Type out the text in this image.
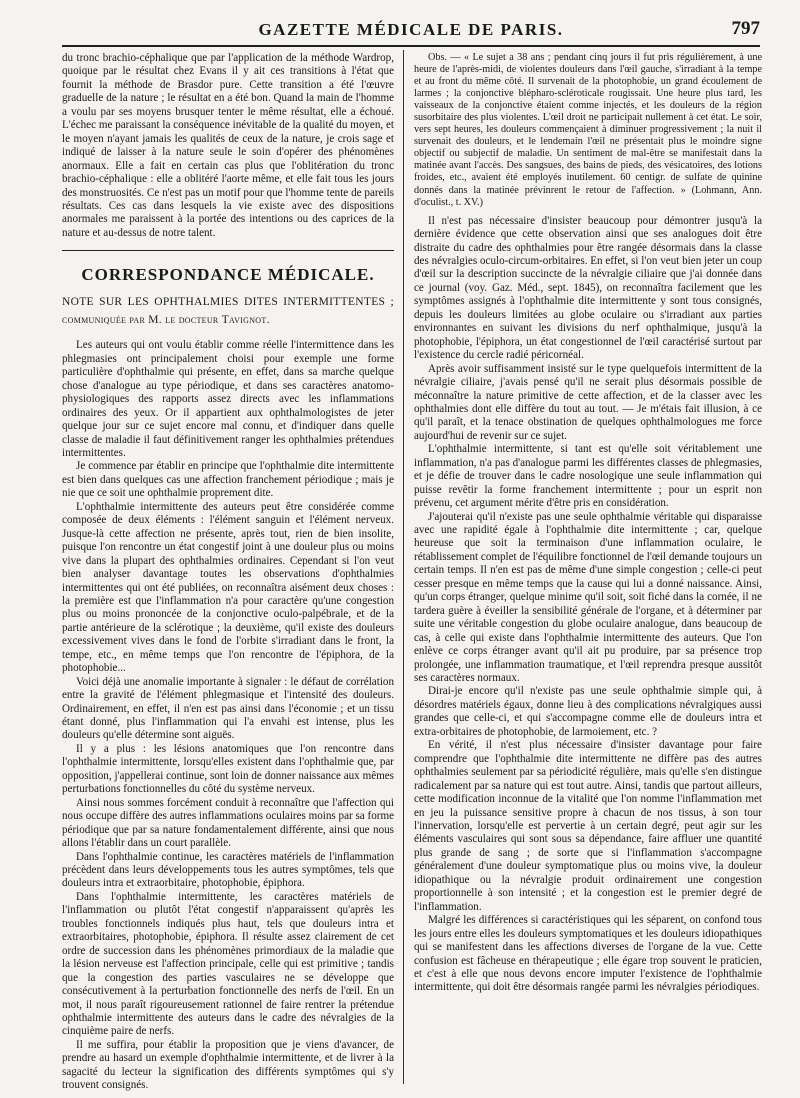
GAZETTE MÉDICALE DE PARIS.	797

du tronc brachio-céphalique que par l'application de la méthode Wardrop, quoique par le résultat chez Evans il y ait ces transitions à l'état que fournit la méthode de Brasdor pure. Cette transition a été l'œuvre graduelle de la nature ; le résultat en a été bon. Quand la main de l'homme a voulu par ses moyens brusquer tenter le même résultat, elle a échoué. L'échec me paraissant la conséquence inévitable de la qualité du moyen, et le moyen n'ayant jamais les qualités de ceux de la nature, je crois sage et indiqué de laisser à la nature seule le soin d'opérer des phénomènes anormaux. Elle a fait en certain cas plus que l'oblitération du tronc brachio-céphalique : elle a oblitéré l'aorte même, et elle fait tous les jours des monstruosités. Ce n'est pas un motif pour que l'homme tente de pareils résultats. Ces cas dans lesquels la vie existe avec des dispositions anormales me paraissent à la portée des intentions ou des caprices de la nature et au-dessus de notre talent.

CORRESPONDANCE MÉDICALE.

NOTE SUR LES OPHTHALMIES DITES INTERMITTENTES ; communiquée par M. le docteur Tavignot.

Les auteurs qui ont voulu établir comme réelle l'intermittence dans les phlegmasies ont principalement choisi pour exemple une forme particulière d'ophthalmie qui présente, en effet, dans sa marche quelque chose d'analogue au type périodique, et dans ses caractères anatomo-physiologiques des rapports assez directs avec les inflammations ordinaires des yeux. Or il appartient aux ophthalmologistes de jeter quelque jour sur ce sujet encore mal connu, et d'indiquer dans quelle classe de maladie il faut définitivement ranger les ophthalmies prétendues intermittentes.

Je commence par établir en principe que l'ophthalmie dite intermittente est bien dans quelques cas une affection franchement périodique ; mais je nie que ce soit une ophthalmie proprement dite.

L'ophthalmie intermittente des auteurs peut être considérée comme composée de deux éléments : l'élément sanguin et l'élément nerveux. Jusque-là cette affection ne présente, après tout, rien de bien insolite, puisque l'on rencontre un état congestif joint à une douleur plus ou moins vive dans la plupart des ophthalmies ordinaires. Cependant si l'on veut bien analyser davantage toutes les observations d'ophthalmies intermittentes qui ont été publiées, on reconnaîtra aisément deux choses : la première est que l'inflammation n'a pour caractère qu'une congestion plus ou moins prononcée de la conjonctive oculo-palpébrale, et de la partie antérieure de la sclérotique ; la deuxième, qu'il existe des douleurs excessivement vives dans le fond de l'orbite s'irradiant dans le front, la tempe, etc., en même temps que l'on rencontre de l'épiphora, de la photophobie...

Voici déjà une anomalie importante à signaler : le défaut de corrélation entre la gravité de l'élément phlegmasique et l'intensité des douleurs. Ordinairement, en effet, il n'en est pas ainsi dans l'économie ; et un tissu étant donné, plus l'inflammation qui l'a envahi est intense, plus les douleurs qu'elle détermine sont aiguës.

Il y a plus : les lésions anatomiques que l'on rencontre dans l'ophthalmie intermittente, lorsqu'elles existent dans l'ophthalmie que, par opposition, j'appellerai continue, sont loin de donner naissance aux mêmes perturbations fonctionnelles du côté du système nerveux.

Ainsi nous sommes forcément conduit à reconnaître que l'affection qui nous occupe diffère des autres inflammations oculaires moins par sa forme périodique que par sa nature fondamentalement différente, ainsi que nous allons l'établir dans un court parallèle.

Dans l'ophthalmie continue, les caractères matériels de l'inflammation précèdent dans leurs développements tous les autres symptômes, tels que douleurs intra et extraorbitaire, photophobie, épiphora.

Dans l'ophthalmie intermittente, les caractères matériels de l'inflammation ou plutôt l'état congestif n'apparaissent qu'après les troubles fonctionnels indiqués plus haut, tels que douleurs intra et extraorbitaires, photophobie, épiphora. Il résulte assez clairement de cet ordre de succession dans les phénomènes primordiaux de la maladie que la lésion nerveuse est l'affection principale, celle qui est primitive ; tandis que la congestion des parties vasculaires ne se développe que consécutivement à la perturbation fonctionnelle des nerfs de l'œil. En un mot, il nous paraît rigoureusement rationnel de faire rentrer la prétendue ophthalmie intermittente des auteurs dans le cadre des névralgies de la cinquième paire de nerfs.

Il me suffira, pour établir la proposition que je viens d'avancer, de prendre au hasard un exemple d'ophthalmie intermittente, et de livrer à la sagacité du lecteur la signification des différents symptômes qui s'y trouvent consignés.

Obs. — « Le sujet a 38 ans ; pendant cinq jours il fut pris régulièrement, à une heure de l'après-midi, de violentes douleurs dans l'œil gauche, s'irradiant à la tempe et au front du même côté. Il survenait de la photophobie, un grand écoulement de larmes ; la conjonctive blépharo-scléroticale rougissait. Une heure plus tard, les vaisseaux de la conjonctive étaient comme injectés, et les douleurs de la région susorbitaire des plus violentes. L'œil droit ne participait nullement à cet état. Le soir, vers sept heures, les douleurs commençaient à diminuer progressivement ; la nuit il survenait des douleurs, et le lendemain l'œil ne présentait plus le moindre signe objectif ou subjectif de maladie. Un sentiment de mal-être se manifestait dans la matinée avant l'accès. Des sangsues, des bains de pieds, des vésicatoires, des lotions froides, etc., avaient été employés inutilement. 60 centigr. de sulfate de quinine donnés dans la matinée prévinrent le retour de l'affection. » (Lohmann, Ann. d'oculist., t. XV.)

Il n'est pas nécessaire d'insister beaucoup pour démontrer jusqu'à la dernière évidence que cette observation ainsi que ses analogues doit être distraite du cadre des ophthalmies pour être rangée désormais dans la classe des névralgies oculo-circum-orbitaires. En effet, si l'on veut bien jeter un coup d'œil sur la description succincte de la névralgie ciliaire que j'ai donnée dans ce journal (voy. Gaz. Méd., sept. 1845), on reconnaîtra facilement que les symptômes assignés à l'ophthalmie dite intermittente y sont tous consignés, depuis les douleurs limitées au globe oculaire ou s'irradiant aux parties environnantes en suivant les divisions du nerf ophthalmique, jusqu'à la photophobie, l'épiphora, un état congestionnel de l'œil caractérisé surtout par l'existence du cercle radié péricornéal.

Après avoir suffisamment insisté sur le type quelquefois intermittent de la névralgie ciliaire, j'avais pensé qu'il ne serait plus désormais possible de méconnaître la nature primitive de cette affection, et de la classer avec les ophthalmies dont elle diffère du tout au tout. — Je m'étais fait illusion, à ce qu'il paraît, et la tenace obstination de quelques ophthalmologues me force aujourd'hui de revenir sur ce sujet.

L'ophthalmie intermittente, si tant est qu'elle soit véritablement une inflammation, n'a pas d'analogue parmi les différentes classes de phlegmasies, et je défie de trouver dans le cadre nosologique une seule inflammation qui puisse revêtir la forme franchement intermittente ; pour un esprit non prévenu, cet argument mérite d'être pris en considération.

J'ajouterai qu'il n'existe pas une seule ophthalmie véritable qui disparaisse avec une rapidité égale à l'ophthalmie dite intermittente ; car, quelque heureuse que soit la terminaison d'une inflammation oculaire, le rétablissement complet de l'équilibre fonctionnel de l'œil demande toujours un certain temps. Il n'en est pas de même d'une simple congestion ; celle-ci peut cesser presque en même temps que la cause qui lui a donné naissance. Ainsi, qu'un corps étranger, quelque minime qu'il soit, soit fiché dans la cornée, il ne tardera guère à éveiller la sensibilité générale de l'organe, et à déterminer par suite une véritable congestion du globe oculaire analogue, dans beaucoup de cas, à celle qui existe dans l'ophthalmie intermittente des auteurs. Que l'on enlève ce corps étranger avant qu'il ait pu produire, par sa présence trop prolongée, une inflammation traumatique, et l'œil reprendra presque aussitôt ses caractères normaux.

Dirai-je encore qu'il n'existe pas une seule ophthalmie simple qui, à désordres matériels égaux, donne lieu à des complications névralgiques aussi grandes que celle-ci, et qui s'accompagne comme elle de douleurs intra et extra-orbitaires de photophobie, de larmoiement, etc. ?

En vérité, il n'est plus nécessaire d'insister davantage pour faire comprendre que l'ophthalmie dite intermittente ne diffère pas des autres ophthalmies seulement par sa périodicité régulière, mais qu'elle s'en distingue radicalement par sa nature qui est tout autre. Ainsi, tandis que partout ailleurs, cette modification inconnue de la vitalité que l'on nomme l'inflammation met en jeu la puissance sensitive propre à chacun de nos tissus, à son tour l'innervation, lorsqu'elle est pervertie à un certain degré, peut agir sur les éléments vasculaires qui sont sous sa dépendance, faire affluer une quantité plus grande de sang ; de sorte que si l'inflammation s'accompagne généralement d'une douleur symptomatique plus ou moins vive, la douleur idiopathique ou la névralgie produit ordinairement une congestion proportionnelle à son intensité ; et la congestion est le premier degré de l'inflammation.

Malgré les différences si caractéristiques qui les séparent, on confond tous les jours entre elles les douleurs symptomatiques et les douleurs idiopathiques qui se manifestent dans les affections diverses de l'organe de la vue. Cette confusion est fâcheuse en thérapeutique ; elle égare trop souvent le praticien, et c'est à elle que nous devons encore imputer l'existence de l'ophthalmie intermittente, qui doit être désormais rangée parmi les névralgies périodiques.
